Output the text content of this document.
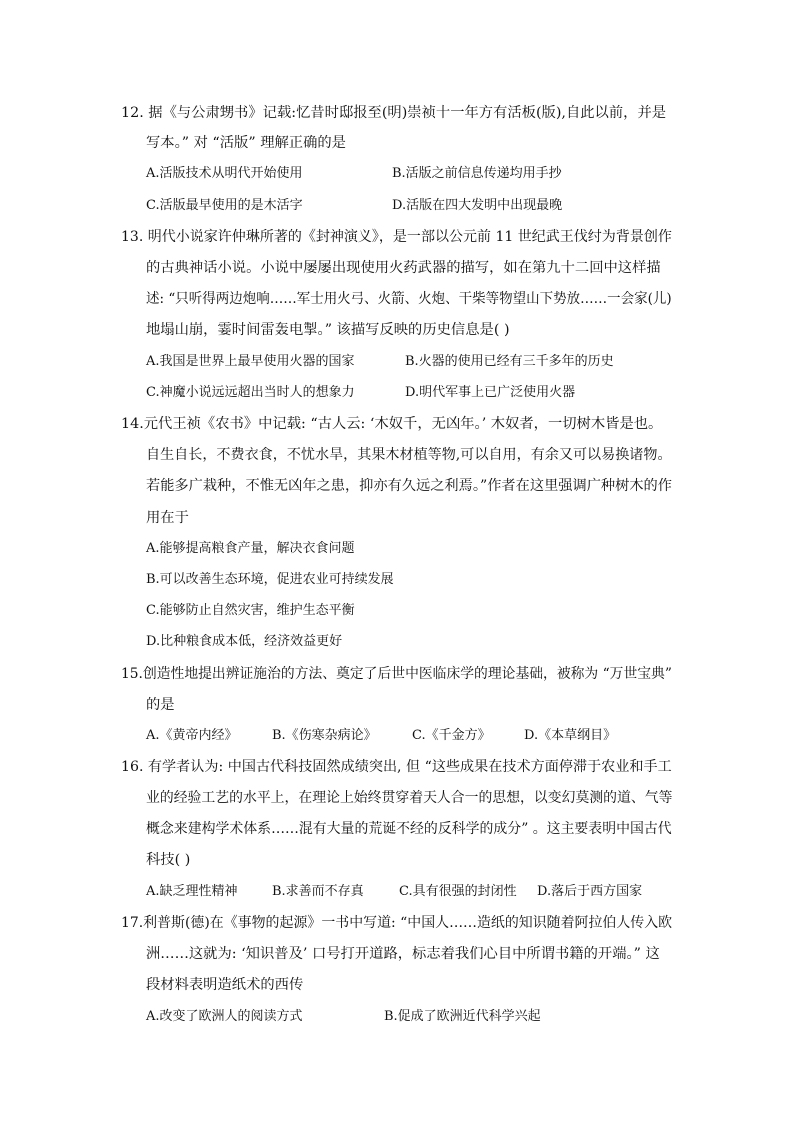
12. 据《与公肃甥书》记载:忆昔时邸报至(明)崇祯十一年方有活板(版),自此以前，并是
写本。” 对 “活版” 理解正确的是
A.活版技术从明代开始使用	B.活版之前信息传递均用手抄
C.活版最早使用的是木活字	D.活版在四大发明中出现最晚
13. 明代小说家许仲琳所著的《封神演义》，是一部以公元前 11 世纪武王伐纣为背景创作
的古典神话小说。小说中屡屡出现使用火药武器的描写，如在第九十二回中这样描
述: “只听得两边炮响……军士用火弓、火箭、火炮、干柴等物望山下势放……一会家(儿)
地塌山崩，霎时间雷轰电掣。” 该描写反映的历史信息是( )
A.我国是世界上最早使用火器的国家	B.火器的使用已经有三千多年的历史
C.神魔小说远远超出当时人的想象力	D.明代军事上已广泛使用火器
14.元代王祯《农书》中记载: “古人云: ‘木奴千，无凶年。’ 木奴者，一切树木皆是也。
自生自长，不费衣食，不忧水旱，其果木材植等物,可以自用，有余又可以易换诸物。
若能多广栽种，不惟无凶年之患，抑亦有久远之利焉。”作者在这里强调广种树木的作
用在于
A.能够提高粮食产量，解决衣食问题
B.可以改善生态环境，促进农业可持续发展
C.能够防止自然灾害，维护生态平衡
D.比种粮食成本低，经济效益更好
15.创造性地提出辨证施治的方法、奠定了后世中医临床学的理论基础，被称为 “万世宝典”
的是
A.《黄帝内经》	B.《伤寒杂病论》	C.《千金方》	D.《本草纲目》
16. 有学者认为: 中国古代科技固然成绩突出, 但 “这些成果在技术方面停滞于农业和手工
业的经验工艺的水平上，在理论上始终贯穿着天人合一的思想，以变幻莫测的道、气等
概念来建构学术体系……混有大量的荒诞不经的反科学的成分” 。这主要表明中国古代
科技( )
A.缺乏理性精神	B.求善而不存真	C.具有很强的封闭性 D.落后于西方国家
17.利普斯(德)在《事物的起源》一书中写道: “中国人……造纸的知识随着阿拉伯人传入欧
洲……这就为: ‘知识普及’ 口号打开道路，标志着我们心目中所谓书籍的开端。” 这
段材料表明造纸术的西传
A.改变了欧洲人的阅读方式	B.促成了欧洲近代科学兴起
